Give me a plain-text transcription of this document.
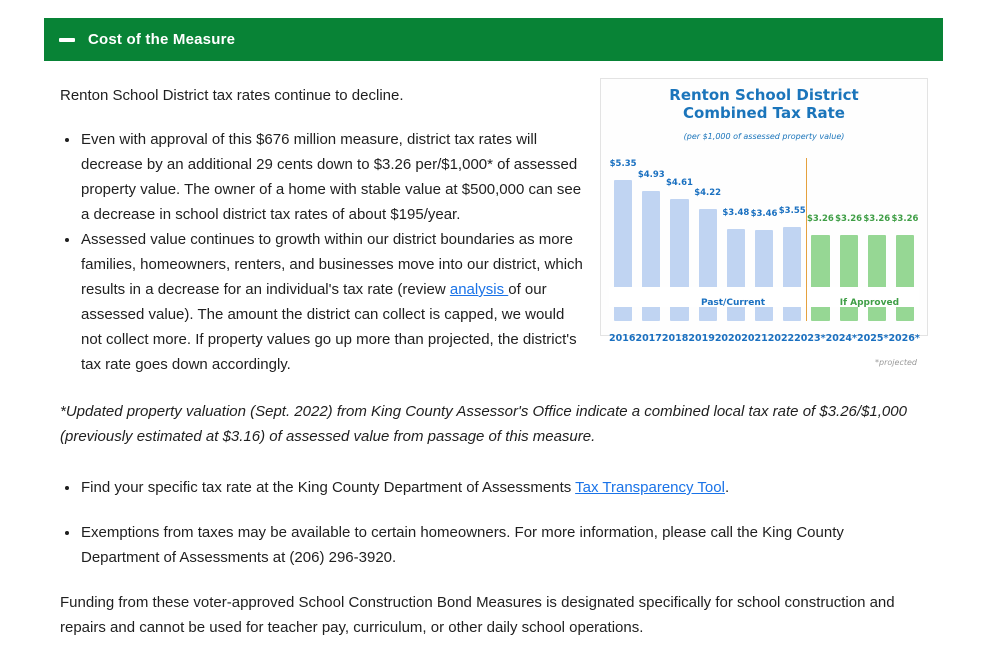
Cost of the Measure
Renton School District
Combined Tax Rate
(per $1,000 of assessed property value)
$5.35
$4.93
$4.61
$4.22
$3.48 $3.46 $3.55
$3.26 $3.26 $3.26 $3.26
Past/Current	If Approved
2016 2017 2018 2019 2020 2021 2022 2023* 2024* 2025* 2026*
*projected

Renton School District tax rates continue to decline.

• Even with approval of this $676 million measure, district tax rates will decrease by an additional 29 cents down to $3.26 per/$1,000* of assessed property value. The owner of a home with stable value at $500,000 can see a decrease in school district tax rates of about $195/year.
• Assessed value continues to growth within our district boundaries as more families, homeowners, renters, and businesses move into our district, which results in a decrease for an individual's tax rate (review analysis of our assessed value). The amount the district can collect is capped, we would not collect more. If property values go up more than projected, the district's tax rate goes down accordingly.

*Updated property valuation (Sept. 2022) from King County Assessor's Office indicate a combined local tax rate of $3.26/$1,000 (previously estimated at $3.16) of assessed value from passage of this measure.

• Find your specific tax rate at the King County Department of Assessments Tax Transparency Tool.
• Exemptions from taxes may be available to certain homeowners. For more information, please call the King County Department of Assessments at (206) 296-3920.

Funding from these voter-approved School Construction Bond Measures is designated specifically for school construction and repairs and cannot be used for teacher pay, curriculum, or other daily school operations.
